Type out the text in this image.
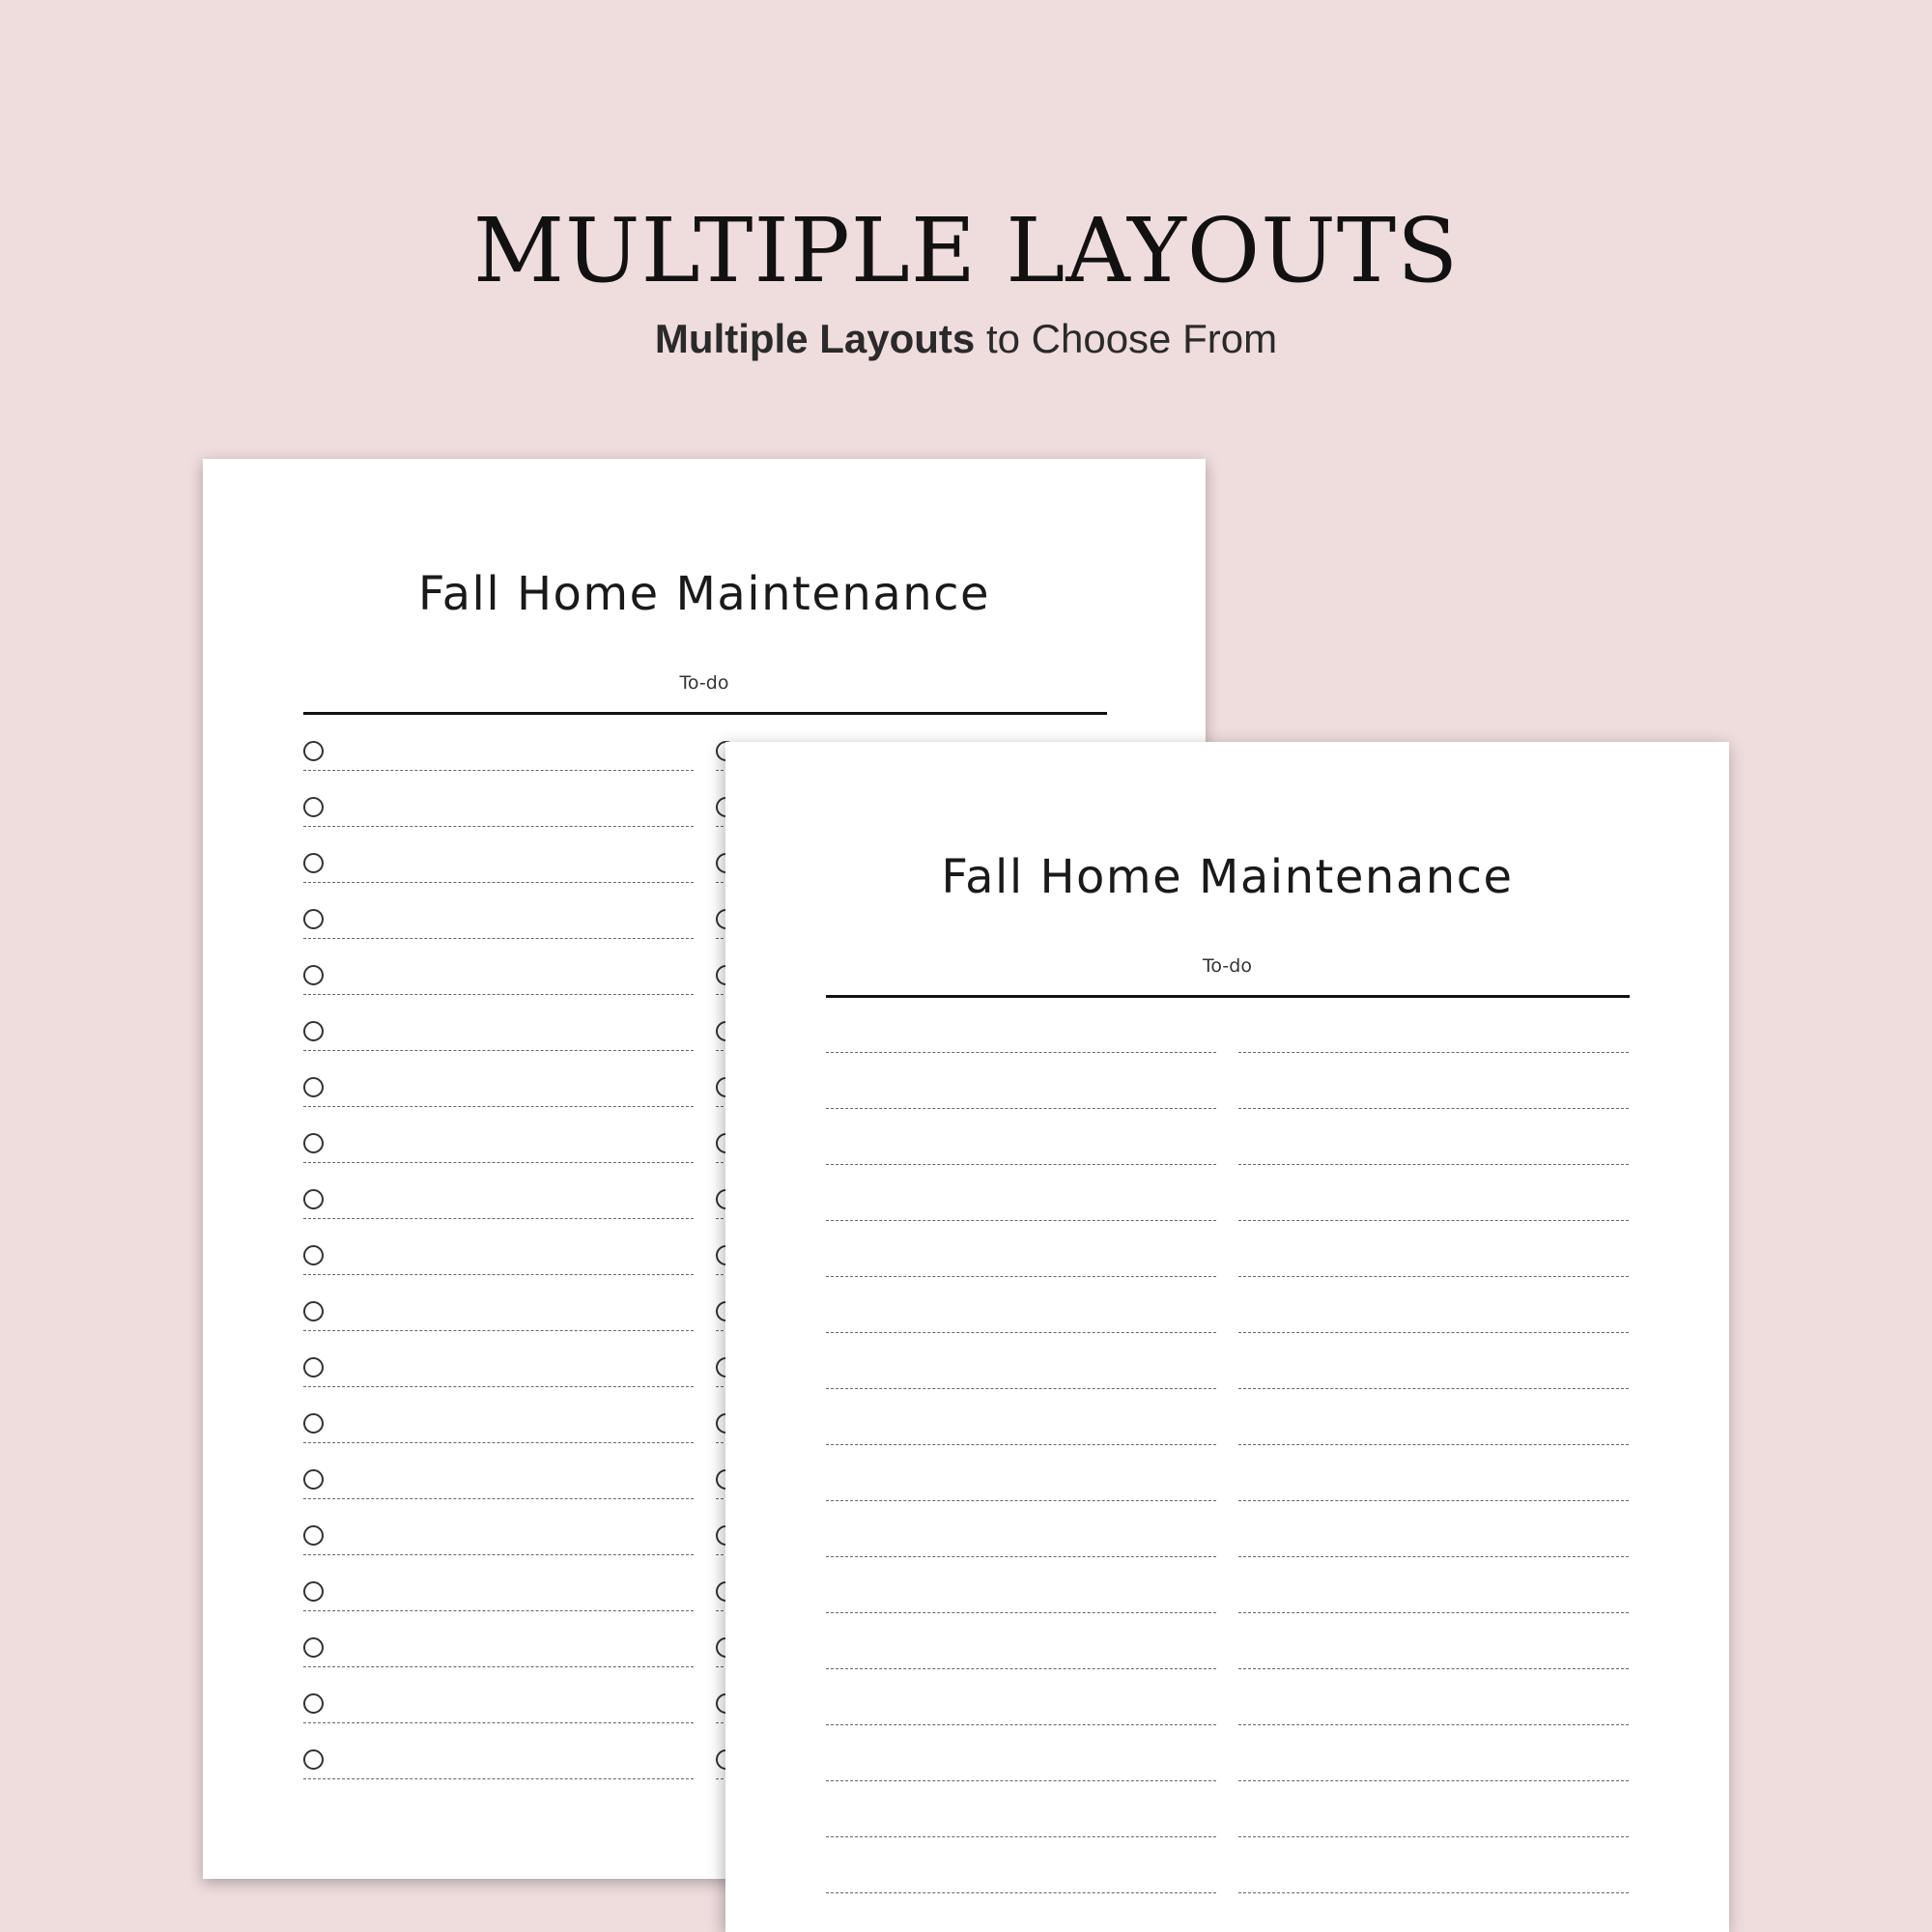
MULTIPLE LAYOUTS
Multiple Layouts to Choose From
Fall Home Maintenance
To-do
Fall Home Maintenance
To-do
